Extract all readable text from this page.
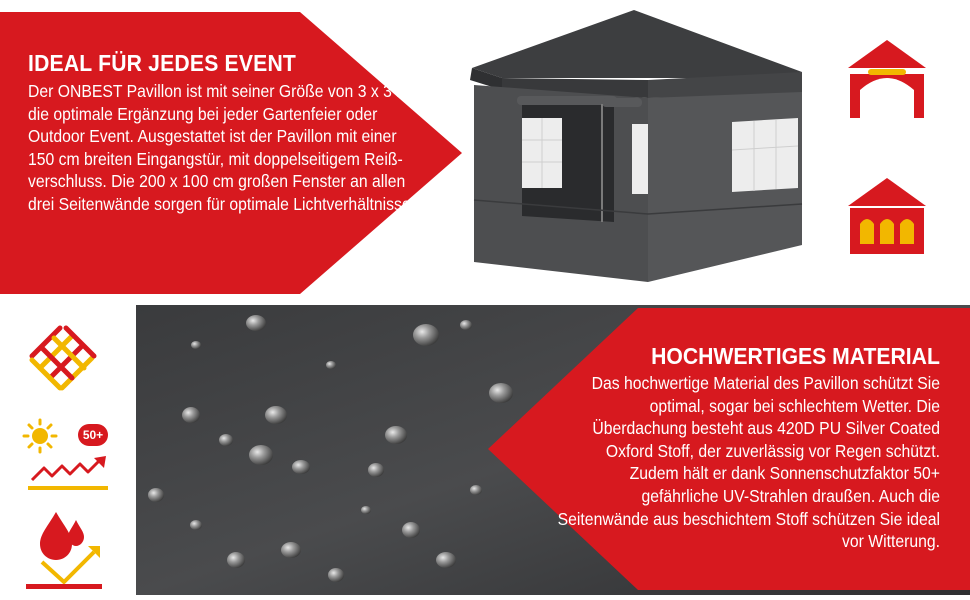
IDEAL FÜR JEDES EVENT
Der ONBEST Pavillon ist mit seiner Größe von 3 x 3 m die optimale Ergänzung bei jeder Gartenfeier oder Outdoor Event. Ausgestattet ist der Pavillon mit einer 150 cm breiten Eingangstür, mit doppelseitigem Reißverschluss. Die 200 x 100 cm großen Fenster an allen drei Seitenwände sorgen für optimale Lichtverhältnisse.
HOCHWERTIGES MATERIAL
Das hochwertige Material des Pavillon schützt Sie optimal, sogar bei schlechtem Wetter. Die Überdachung besteht aus 420D PU Silver Coated Oxford Stoff, der zuverlässig vor Regen schützt. Zudem hält er dank Sonnenschutzfaktor 50+ gefährliche UV-Strahlen draußen. Auch die Seitenwände aus beschichtem Stoff schützen Sie ideal vor Witterung.
50+
